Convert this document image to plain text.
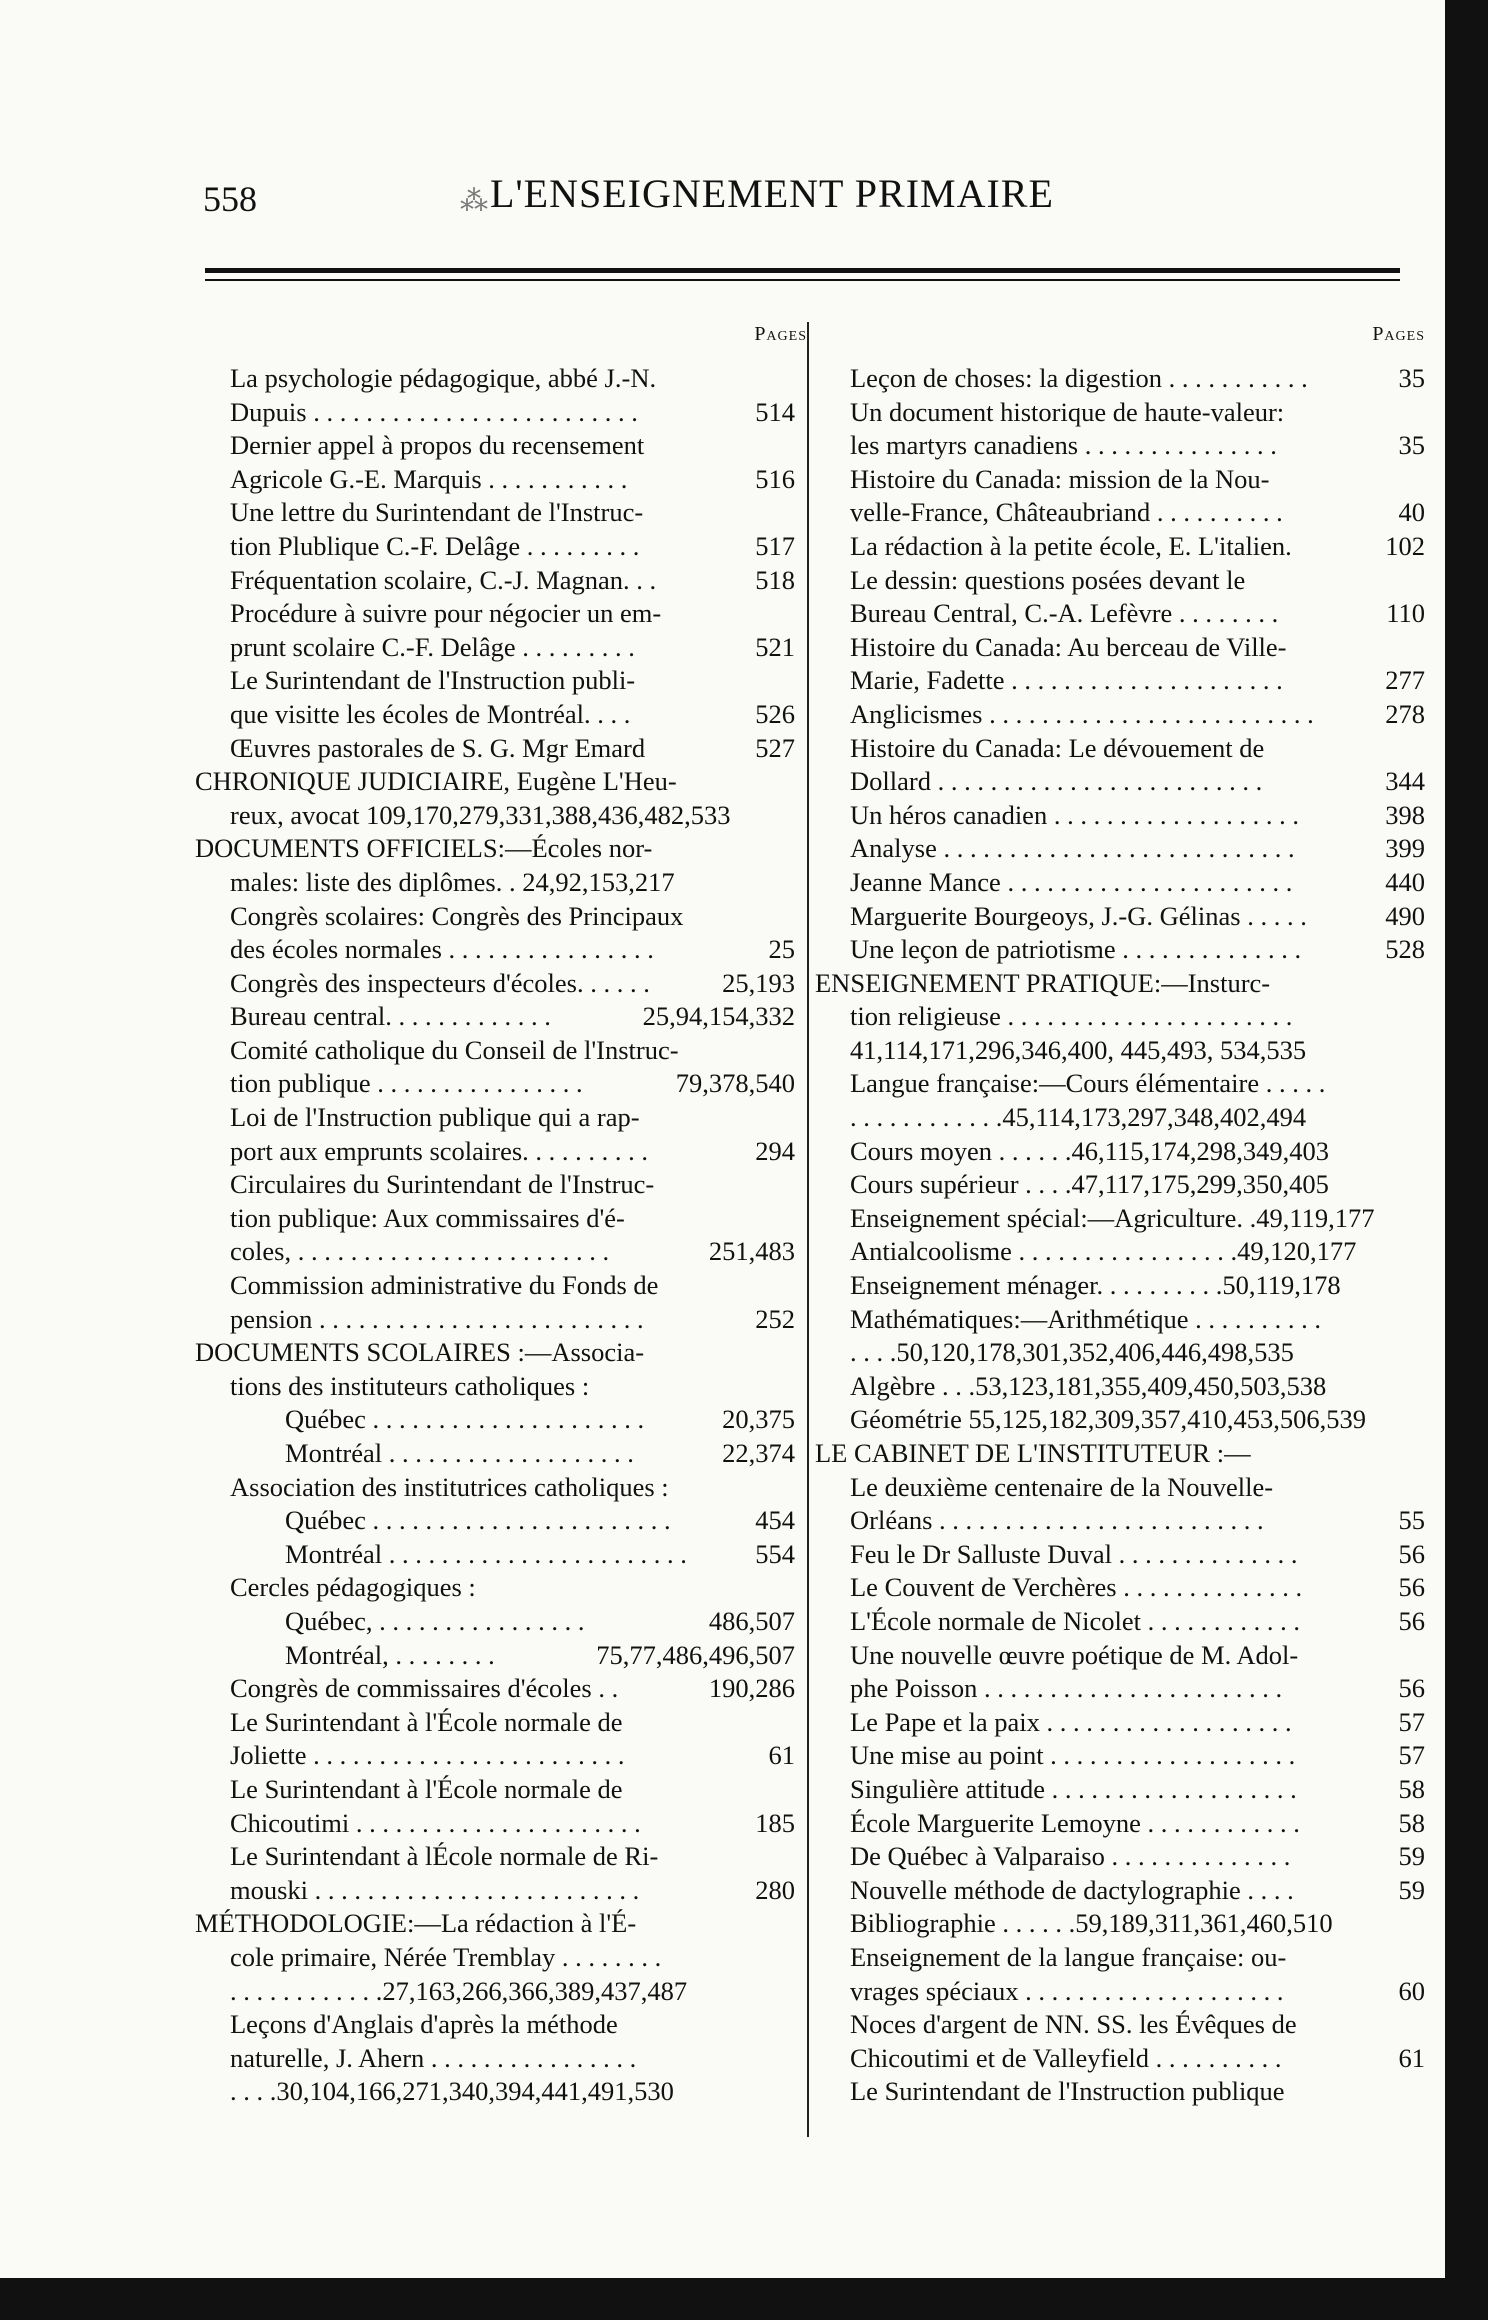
558	⁂ L'ENSEIGNEMENT PRIMAIRE
Pages
La psychologie pédagogique, abbé J.-N.
Dupuis . . . . . . . . . . . . . . . . . . . . . . . . .	514
Dernier appel à propos du recensement
Agricole G.-E. Marquis . . . . . . . . . . .	516
Une lettre du Surintendant de l'Instruc-
tion Plublique C.-F. Delâge . . . . . . . . .	517
Fréquentation scolaire, C.-J. Magnan. . .	518
Procédure à suivre pour négocier un em-
prunt scolaire C.-F. Delâge . . . . . . . . .	521
Le Surintendant de l'Instruction publi-
que visitte les écoles de Montréal. . . .	526
Œuvres pastorales de S. G. Mgr Emard	527
CHRONIQUE JUDICIAIRE, Eugène L'Heu-
reux, avocat 109,170,279,331,388,436,482,533
DOCUMENTS OFFICIELS:—Écoles nor-
males: liste des diplômes. . 24,92,153,217
Congrès scolaires: Congrès des Principaux
des écoles normales . . . . . . . . . . . . . . . .	25
Congrès des inspecteurs d'écoles. . . . . .	25,193
Bureau central. . . . . . . . . . . . .	25,94,154,332
Comité catholique du Conseil de l'Instruc-
tion publique . . . . . . . . . . . . . . . .	79,378,540
Loi de l'Instruction publique qui a rap-
port aux emprunts scolaires. . . . . . . . . .	294
Circulaires du Surintendant de l'Instruc-
tion publique: Aux commissaires d'é-
coles, . . . . . . . . . . . . . . . . . . . . . . . .	251,483
Commission administrative du Fonds de
pension . . . . . . . . . . . . . . . . . . . . . . . . .	252
DOCUMENTS SCOLAIRES :—Associa-
tions des instituteurs catholiques :
Québec . . . . . . . . . . . . . . . . . . . . .	20,375
Montréal . . . . . . . . . . . . . . . . . . .	22,374
Association des institutrices catholiques :
Québec . . . . . . . . . . . . . . . . . . . . . . .	454
Montréal . . . . . . . . . . . . . . . . . . . . . . .	554
Cercles pédagogiques :
Québec, . . . . . . . . . . . . . . . .	486,507
Montréal, . . . . . . . .	75,77,486,496,507
Congrès de commissaires d'écoles . .	190,286
Le Surintendant à l'École normale de
Joliette . . . . . . . . . . . . . . . . . . . . . . . .	61
Le Surintendant à l'École normale de
Chicoutimi . . . . . . . . . . . . . . . . . . . . . .	185
Le Surintendant à lÉcole normale de Ri-
mouski . . . . . . . . . . . . . . . . . . . . . . . . .	280
MÉTHODOLOGIE:—La rédaction à l'É-
cole primaire, Nérée Tremblay . . . . . . . .
. . . . . . . . . . . .27,163,266,366,389,437,487
Leçons d'Anglais d'après la méthode
naturelle, J. Ahern . . . . . . . . . . . . . . . .
. . . .30,104,166,271,340,394,441,491,530
Pages
Leçon de choses: la digestion . . . . . . . . . . .	35
Un document historique de haute-valeur:
les martyrs canadiens . . . . . . . . . . . . . . .	35
Histoire du Canada: mission de la Nou-
velle-France, Châteaubriand . . . . . . . . . .	40
La rédaction à la petite école, E. L'italien.	102
Le dessin: questions posées devant le
Bureau Central, C.-A. Lefèvre . . . . . . . .	110
Histoire du Canada: Au berceau de Ville-
Marie, Fadette . . . . . . . . . . . . . . . . . . . . .	277
Anglicismes . . . . . . . . . . . . . . . . . . . . . . . . .	278
Histoire du Canada: Le dévouement de
Dollard . . . . . . . . . . . . . . . . . . . . . . . . .	344
Un héros canadien . . . . . . . . . . . . . . . . . . .	398
Analyse . . . . . . . . . . . . . . . . . . . . . . . . . . .	399
Jeanne Mance . . . . . . . . . . . . . . . . . . . . . .	440
Marguerite Bourgeoys, J.-G. Gélinas . . . . .	490
Une leçon de patriotisme . . . . . . . . . . . . . .	528
ENSEIGNEMENT PRATIQUE:—Insturc-
tion religieuse . . . . . . . . . . . . . . . . . . . . . .
41,114,171,296,346,400, 445,493, 534,535
Langue française:—Cours élémentaire . . . . .
. . . . . . . . . . . .45,114,173,297,348,402,494
Cours moyen . . . . . .46,115,174,298,349,403
Cours supérieur . . . .47,117,175,299,350,405
Enseignement spécial:—Agriculture. .49,119,177
Antialcoolisme . . . . . . . . . . . . . . . . .49,120,177
Enseignement ménager. . . . . . . . . .50,119,178
Mathématiques:—Arithmétique . . . . . . . . . .
. . . .50,120,178,301,352,406,446,498,535
Algèbre . . .53,123,181,355,409,450,503,538
Géométrie 55,125,182,309,357,410,453,506,539
LE CABINET DE L'INSTITUTEUR :—
Le deuxième centenaire de la Nouvelle-
Orléans . . . . . . . . . . . . . . . . . . . . . . . . .	55
Feu le Dr Salluste Duval . . . . . . . . . . . . . .	56
Le Couvent de Verchères . . . . . . . . . . . . . .	56
L'École normale de Nicolet . . . . . . . . . . . .	56
Une nouvelle œuvre poétique de M. Adol-
phe Poisson . . . . . . . . . . . . . . . . . . . . . . .	56
Le Pape et la paix . . . . . . . . . . . . . . . . . . .	57
Une mise au point . . . . . . . . . . . . . . . . . . .	57
Singulière attitude . . . . . . . . . . . . . . . . . . .	58
École Marguerite Lemoyne . . . . . . . . . . . .	58
De Québec à Valparaiso . . . . . . . . . . . . . .	59
Nouvelle méthode de dactylographie . . . .	59
Bibliographie . . . . . .59,189,311,361,460,510
Enseignement de la langue française: ou-
vrages spéciaux . . . . . . . . . . . . . . . . . . . .	60
Noces d'argent de NN. SS. les Évêques de
Chicoutimi et de Valleyfield . . . . . . . . . .	61
Le Surintendant de l'Instruction publique
